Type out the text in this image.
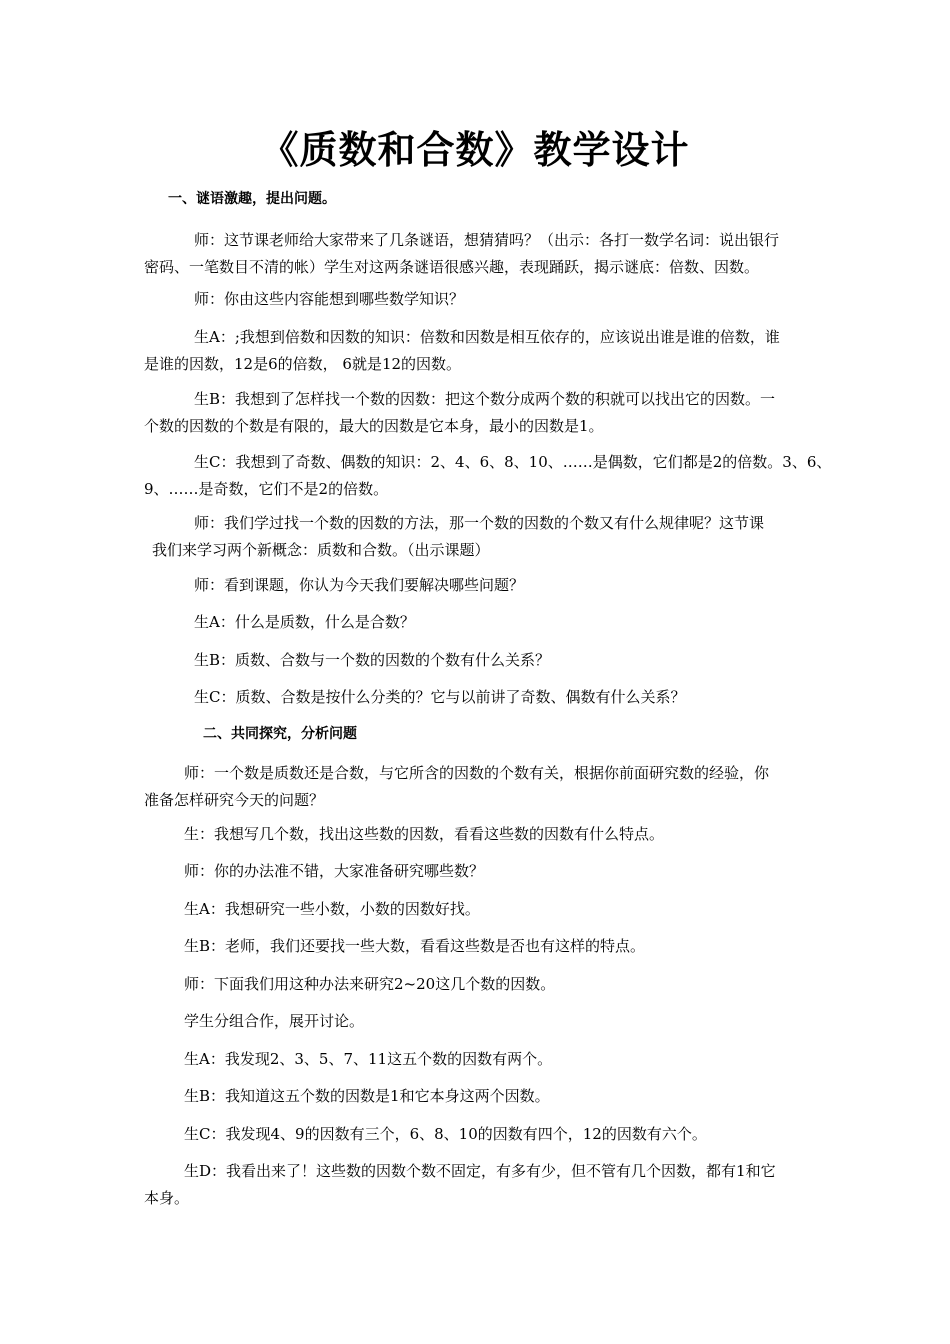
《质数和合数》教学设计
一、谜语激趣，提出问题。
师：这节课老师给大家带来了几条谜语，想猜猜吗？（出示：各打一数学名词：说出银行
密码、一笔数目不清的帐）学生对这两条谜语很感兴趣，表现踊跃，揭示谜底：倍数、因数。
师：你由这些内容能想到哪些数学知识？
生A：;我想到倍数和因数的知识：倍数和因数是相互依存的，应该说出谁是谁的倍数，谁
是谁的因数，12是6的倍数， 6就是12的因数。
生B：我想到了怎样找一个数的因数：把这个数分成两个数的积就可以找出它的因数。一
个数的因数的个数是有限的，最大的因数是它本身，最小的因数是1。
生C：我想到了奇数、偶数的知识：2、4、6、8、10、……是偶数，它们都是2的倍数。3、6、
9、……是奇数，它们不是2的倍数。
师：我们学过找一个数的因数的方法，那一个数的因数的个数又有什么规律呢？这节课
我们来学习两个新概念：质数和合数。（出示课题）
师：看到课题，你认为今天我们要解决哪些问题？
生A：什么是质数，什么是合数？
生B：质数、合数与一个数的因数的个数有什么关系？
生C：质数、合数是按什么分类的？它与以前讲了奇数、偶数有什么关系？
二、共同探究，分析问题
师：一个数是质数还是合数，与它所含的因数的个数有关，根据你前面研究数的经验，你
准备怎样研究今天的问题？
生：我想写几个数，找出这些数的因数，看看这些数的因数有什么特点。
师：你的办法准不错，大家准备研究哪些数？
生A：我想研究一些小数，小数的因数好找。
生B：老师，我们还要找一些大数，看看这些数是否也有这样的特点。
师：下面我们用这种办法来研究2~20这几个数的因数。
学生分组合作，展开讨论。
生A：我发现2、3、5、7、11这五个数的因数有两个。
生B：我知道这五个数的因数是1和它本身这两个因数。
生C：我发现4、9的因数有三个，6、8、10的因数有四个，12的因数有六个。
生D：我看出来了！这些数的因数个数不固定，有多有少，但不管有几个因数，都有1和它
本身。
